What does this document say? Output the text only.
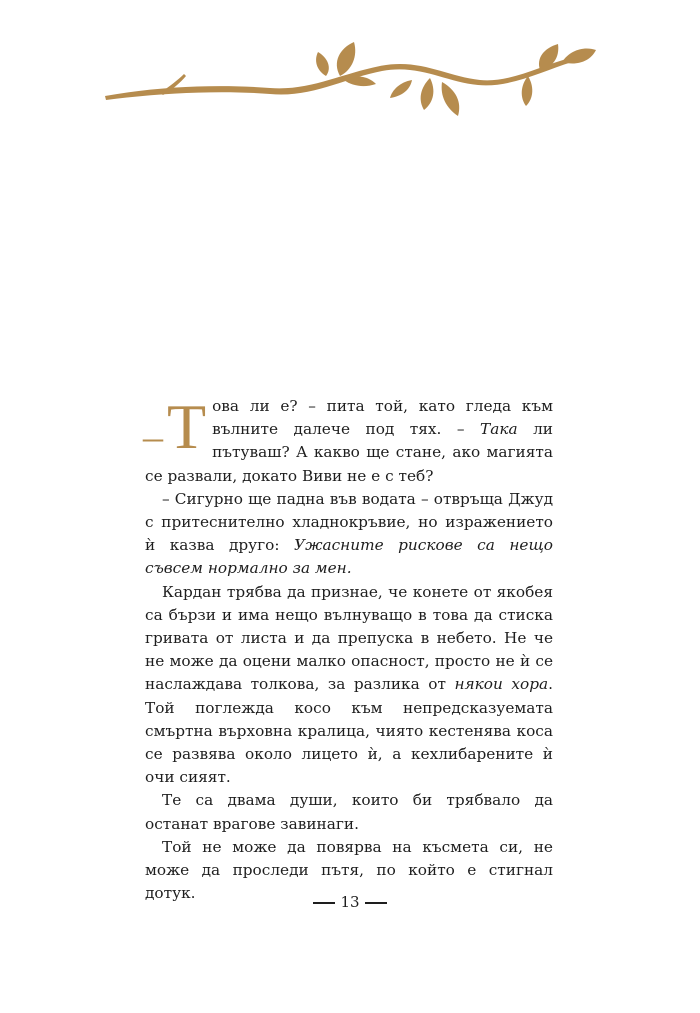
– Т ова ли е? – пита той, като гледа към вълните далече под тях. – Така ли пътуваш? А какво ще стане, ако магията се развали, докато Виви не е с теб?

– Сигурно ще падна във водата – отвръща Джуд с притеснително хладнокръвие, но изражението ѝ казва друго: Ужасните рискове са нещо съвсем нормално за мен.

Кардан трябва да признае, че конете от якобея са бързи и има нещо вълнуващо в това да стиска гривата от листа и да препуска в небето. Не че не може да оцени малко опасност, просто не ѝ се наслаждава толкова, за разлика от някои хора. Той поглежда косо към непредсказуемата смъртна върховна кралица, чиято кестенява коса се развява около лицето ѝ, а кехлибарените ѝ очи сияят.

Те са двама души, които би трябвало да останат врагове завинаги.

Той не може да повярва на късмета си, не може да проследи пътя, по който е стигнал дотук.	13
